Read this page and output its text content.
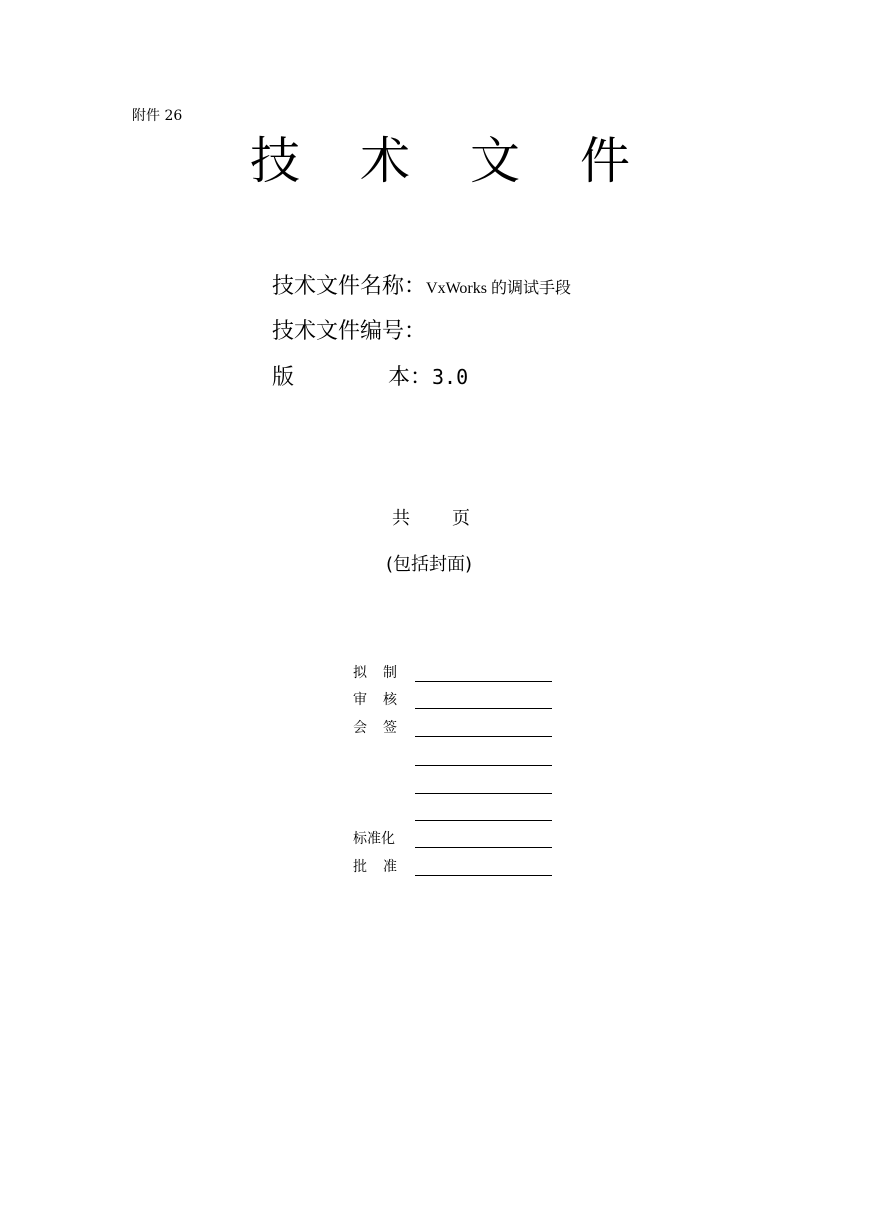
附件 26
技 术 文 件
技术文件名称：VxWorks 的调试手段
技术文件编号：
版	本：3.0
共 页
(包括封面)
拟制
审核
会签
标准化
批准
